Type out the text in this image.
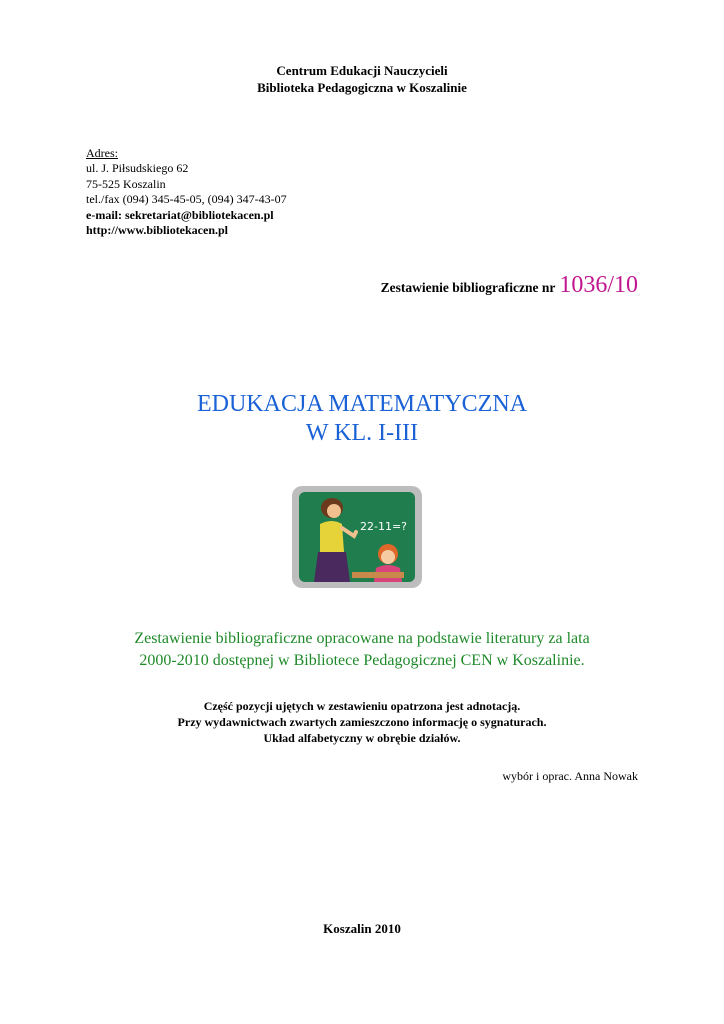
Centrum Edukacji Nauczycieli
Biblioteka Pedagogiczna w Koszalinie
Adres:
ul. J. Piłsudskiego 62
75-525 Koszalin
tel./fax (094) 345-45-05, (094) 347-43-07
e-mail: sekretariat@bibliotekacen.pl
http://www.bibliotekacen.pl
Zestawienie bibliograficzne nr 1036/10
EDUKACJA MATEMATYCZNA
W KL. I-III
22-11=?
Zestawienie bibliograficzne opracowane na podstawie literatury za lata
2000-2010 dostępnej w Bibliotece Pedagogicznej CEN w Koszalinie.
Część pozycji ujętych w zestawieniu opatrzona jest adnotacją.
Przy wydawnictwach zwartych zamieszczono informację o sygnaturach.
Układ alfabetyczny w obrębie działów.
wybór i oprac. Anna Nowak
Koszalin 2010
